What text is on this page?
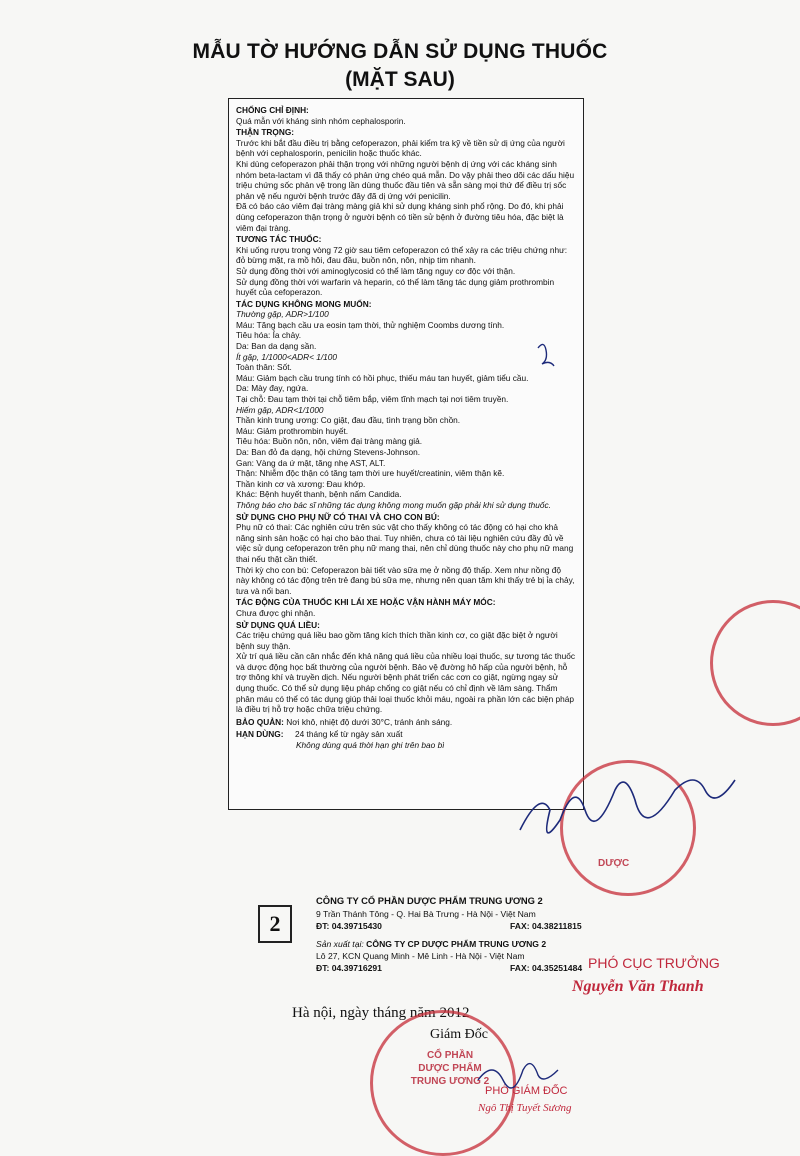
MẪU TỜ HƯỚNG DẪN SỬ DỤNG THUỐC
(MẶT SAU)

CHỐNG CHỈ ĐỊNH:

Quá mẫn với kháng sinh nhóm cephalosporin.

THẬN TRỌNG:

Trước khi bắt đầu điều trị bằng cefoperazon, phải kiểm tra kỹ về tiền sử dị ứng của người bệnh với cephalosporin, penicilin hoặc thuốc khác.

Khi dùng cefoperazon phải thận trọng với những người bệnh dị ứng với các kháng sinh nhóm beta-lactam vì đã thấy có phản ứng chéo quá mẫn. Do vậy phải theo dõi các dấu hiệu triệu chứng sốc phản vệ trong lần dùng thuốc đầu tiên và sẵn sàng mọi thứ để điều trị sốc phản vệ nếu người bệnh trước đây đã dị ứng với penicilin.

Đã có báo cáo viêm đại tràng màng giả khi sử dụng kháng sinh phổ rộng. Do đó, khi phải dùng cefoperazon thận trọng ở người bệnh có tiền sử bệnh ở đường tiêu hóa, đặc biệt là viêm đại tràng.

TƯƠNG TÁC THUỐC:

Khi uống rượu trong vòng 72 giờ sau tiêm cefoperazon có thể xảy ra các triệu chứng như: đỏ bừng mặt, ra mồ hôi, đau đầu, buồn nôn, nôn, nhịp tim nhanh.

Sử dụng đồng thời với aminoglycosid có thể làm tăng nguy cơ độc với thận.

Sử dụng đồng thời với warfarin và heparin, có thể làm tăng tác dụng giảm prothrombin huyết của cefoperazon.

TÁC DỤNG KHÔNG MONG MUỐN:

Thường gặp, ADR>1/100

Máu: Tăng bạch cầu ưa eosin tạm thời, thử nghiệm Coombs dương tính.

Tiêu hóa: Ỉa chảy.

Da: Ban da dạng sần.

Ít gặp, 1/1000<ADR< 1/100

Toàn thân: Sốt.

Máu: Giảm bạch cầu trung tính có hồi phục, thiếu máu tan huyết, giảm tiểu cầu.

Da: Mày đay, ngứa.

Tại chỗ: Đau tạm thời tại chỗ tiêm bắp, viêm tĩnh mạch tại nơi tiêm truyền.

Hiếm gặp, ADR<1/1000

Thần kinh trung ương: Co giật, đau đầu, tình trạng bồn chồn.

Máu: Giảm prothrombin huyết.

Tiêu hóa: Buồn nôn, nôn, viêm đại tràng màng giả.

Da: Ban đỏ đa dạng, hội chứng Stevens-Johnson.

Gan: Vàng da ứ mật, tăng nhẹ AST, ALT.

Thận: Nhiễm độc thận có tăng tạm thời ure huyết/creatinin, viêm thận kẽ.

Thần kinh cơ và xương: Đau khớp.

Khác: Bệnh huyết thanh, bệnh nấm Candida.

Thông báo cho bác sĩ những tác dụng không mong muốn gặp phải khi sử dụng thuốc.

SỬ DỤNG CHO PHỤ NỮ CÓ THAI VÀ CHO CON BÚ:

Phụ nữ có thai: Các nghiên cứu trên súc vật cho thấy không có tác động có hại cho khả năng sinh sản hoặc có hại cho bào thai. Tuy nhiên, chưa có tài liệu nghiên cứu đầy đủ về việc sử dụng cefoperazon trên phụ nữ mang thai, nên chỉ dùng thuốc này cho phụ nữ mang thai nếu thật cần thiết.

Thời kỳ cho con bú: Cefoperazon bài tiết vào sữa mẹ ở nồng độ thấp. Xem như nồng độ này không có tác động trên trẻ đang bú sữa mẹ, nhưng nên quan tâm khi thấy trẻ bị ỉa chảy, tưa và nổi ban.

TÁC ĐỘNG CỦA THUỐC KHI LÁI XE HOẶC VẬN HÀNH MÁY MÓC:

Chưa được ghi nhận.

SỬ DỤNG QUÁ LIỀU:

Các triệu chứng quá liều bao gồm tăng kích thích thần kinh cơ, co giật đặc biệt ở người bệnh suy thận.

Xử trí quá liều cần cân nhắc đến khả năng quá liều của nhiều loại thuốc, sự tương tác thuốc và dược động học bất thường của người bệnh. Bảo vệ đường hô hấp của người bệnh, hỗ trợ thông khí và truyền dịch. Nếu người bệnh phát triển các cơn co giật, ngừng ngay sử dụng thuốc. Có thể sử dụng liệu pháp chống co giật nếu có chỉ định về lâm sàng. Thẩm phân máu có thể có tác dụng giúp thải loại thuốc khỏi máu, ngoài ra phần lớn các biện pháp là điều trị hỗ trợ hoặc chữa triệu chứng.

BẢO QUẢN: Nơi khô, nhiệt độ dưới 30°C, tránh ánh sáng.

HẠN DÙNG: 24 tháng kể từ ngày sản xuất

Không dùng quá thời hạn ghi trên bao bì

2
CÔNG TY CỔ PHẦN DƯỢC PHẨM TRUNG ƯƠNG 2
9 Trần Thánh Tông - Q. Hai Bà Trưng - Hà Nội - Việt Nam
ĐT: 04.39715430	FAX: 04.38211815
Sản xuất tại: CÔNG TY CP DƯỢC PHẨM TRUNG ƯƠNG 2
Lô 27, KCN Quang Minh - Mê Linh - Hà Nội - Việt Nam
ĐT: 04.39716291	FAX: 04.35251484
Hà nội, ngày tháng năm 2012
Giám Đốc
DƯỢC
CỔ PHẦN
DƯỢC PHẨM
TRUNG ƯƠNG 2
PHÓ CỤC TRƯỞNG
Nguyễn Văn Thanh
PHÓ GIÁM ĐỐC
Ngô Thị Tuyết Sương
